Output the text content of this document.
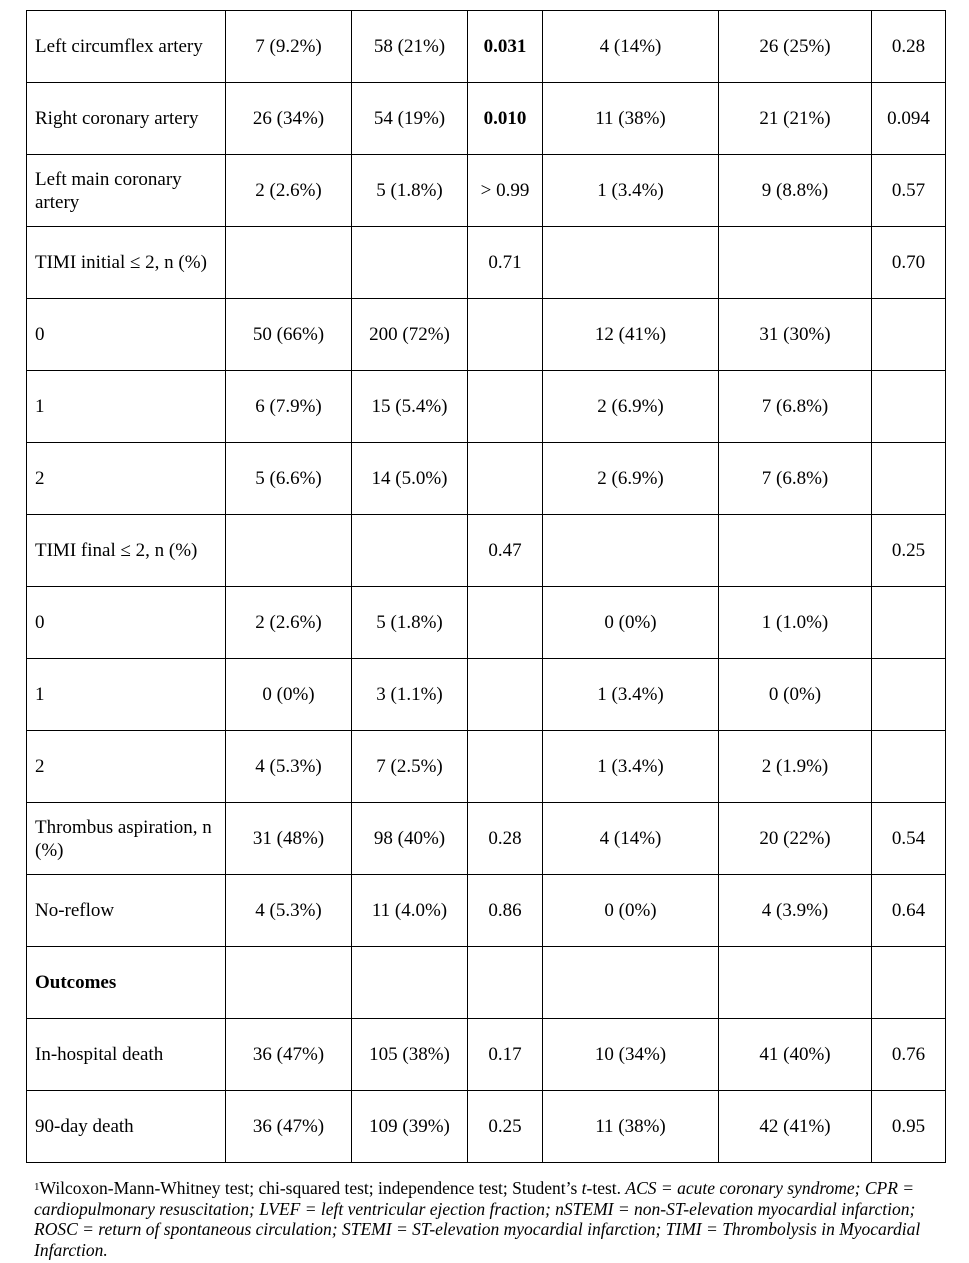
Left circumflex artery	7 (9.2%)	58 (21%)	0.031	4 (14%)	26 (25%)	0.28
Right coronary artery	26 (34%)	54 (19%)	0.010	11 (38%)	21 (21%)	0.094
Left main coronary artery	2 (2.6%)	5 (1.8%)	> 0.99	1 (3.4%)	9 (8.8%)	0.57
TIMI initial ≤ 2, n (%)			0.71			0.70
0	50 (66%)	200 (72%)		12 (41%)	31 (30%)	
1	6 (7.9%)	15 (5.4%)		2 (6.9%)	7 (6.8%)	
2	5 (6.6%)	14 (5.0%)		2 (6.9%)	7 (6.8%)	
TIMI final ≤ 2, n (%)			0.47			0.25
0	2 (2.6%)	5 (1.8%)		0 (0%)	1 (1.0%)	
1	0 (0%)	3 (1.1%)		1 (3.4%)	0 (0%)	
2	4 (5.3%)	7 (2.5%)		1 (3.4%)	2 (1.9%)	
Thrombus aspiration, n (%)	31 (48%)	98 (40%)	0.28	4 (14%)	20 (22%)	0.54
No-reflow	4 (5.3%)	11 (4.0%)	0.86	0 (0%)	4 (3.9%)	0.64
Outcomes						
In-hospital death	36 (47%)	105 (38%)	0.17	10 (34%)	41 (40%)	0.76
90-day death	36 (47%)	109 (39%)	0.25	11 (38%)	42 (41%)	0.95
$^1$Wilcoxon-Mann-Whitney test; chi-squared test; independence test; Student’s t-test. ACS = acute coronary syndrome; CPR = cardiopulmonary resuscitation; LVEF = left ventricular ejection fraction; nSTEMI = non-ST-elevation myocardial infarction; ROSC = return of spontaneous circulation; STEMI = ST-elevation myocardial infarction; TIMI = Thrombolysis in Myocardial Infarction.
